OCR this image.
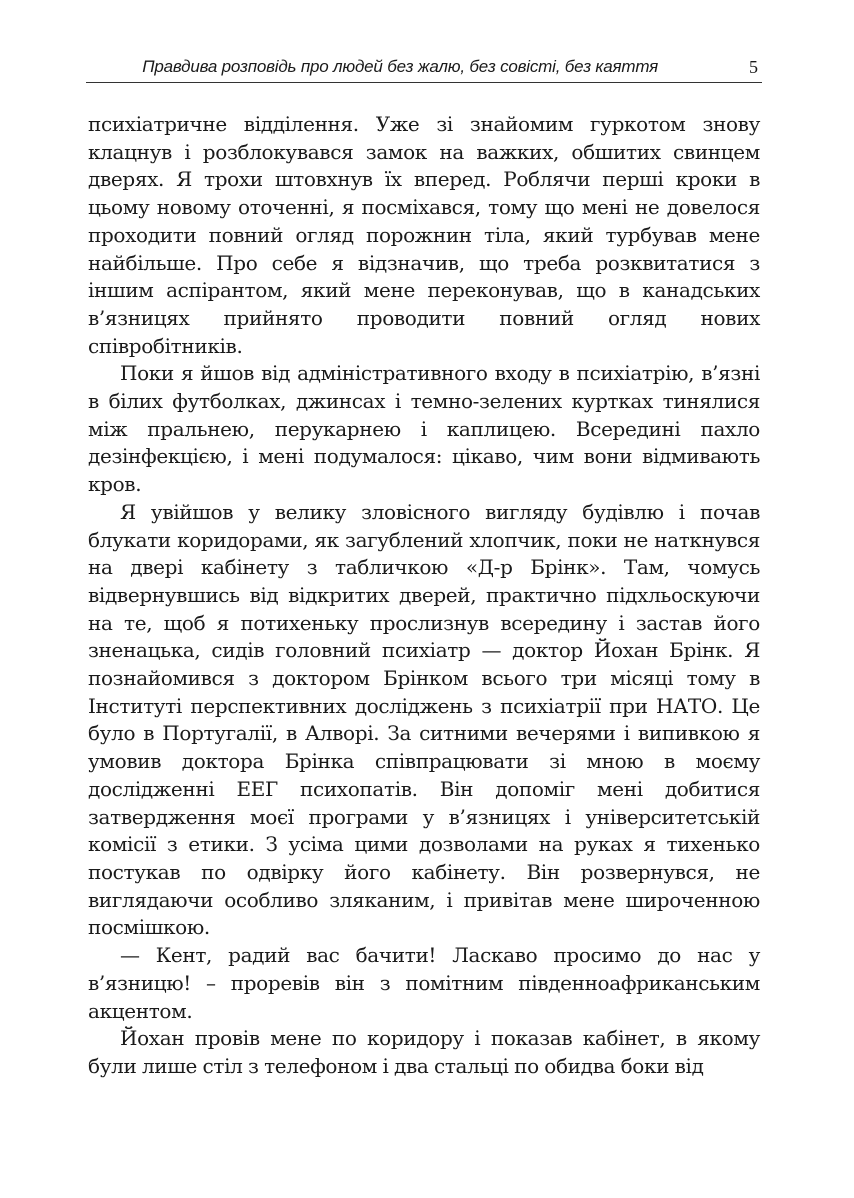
Правдива розповідь про людей без жалю, без совісті, без каяття	5

психіатричне відділення. Уже зі знайомим гуркотом знову клацнув і розблокувався замок на важких, обшитих свинцем дверях. Я трохи штовхнув їх вперед. Роблячи перші кроки в цьому новому оточенні, я посміхався, тому що мені не довелося проходити повний огляд порожнин тіла, який турбував мене найбільше. Про себе я відзначив, що треба розквитатися з іншим аспірантом, який мене переконував, що в канадських в’язницях прийнято проводити повний огляд нових співробітників.

Поки я йшов від адміністративного входу в психіатрію, в’язні в білих футболках, джинсах і темно-зелених куртках тинялися між пральнею, перукарнею і каплицею. Всередині пахло дезінфекцією, і мені подумалося: цікаво, чим вони відмивають кров.

Я увійшов у велику зловісного вигляду будівлю і почав блукати коридорами, як загублений хлопчик, поки не наткнувся на двері кабінету з табличкою «Д-р Брінк». Там, чомусь відвернувшись від відкритих дверей, практично підхльоскуючи на те, щоб я потихеньку прослизнув всередину і застав його зненацька, сидів головний психіатр — доктор Йохан Брінк. Я познайомився з доктором Брінком всього три місяці тому в Інституті перспективних досліджень з психіатрії при НАТО. Це було в Португалії, в Алворі. За ситними вечерями і випивкою я умовив доктора Брінка співпрацювати зі мною в моєму дослідженні ЕЕГ психопатів. Він допоміг мені добитися затвердження моєї програми у в’язницях і університетській комісії з етики. З усіма цими дозволами на руках я тихенько постукав по одвірку його кабінету. Він розвернувся, не виглядаючи особливо зляканим, і привітав мене широченною посмішкою.

— Кент, радий вас бачити! Ласкаво просимо до нас у в’язницю! – проревів він з помітним південноафриканським акцентом.

Йохан провів мене по коридору і показав кабінет, в якому були лише стіл з телефоном і два стальці по обидва боки від
